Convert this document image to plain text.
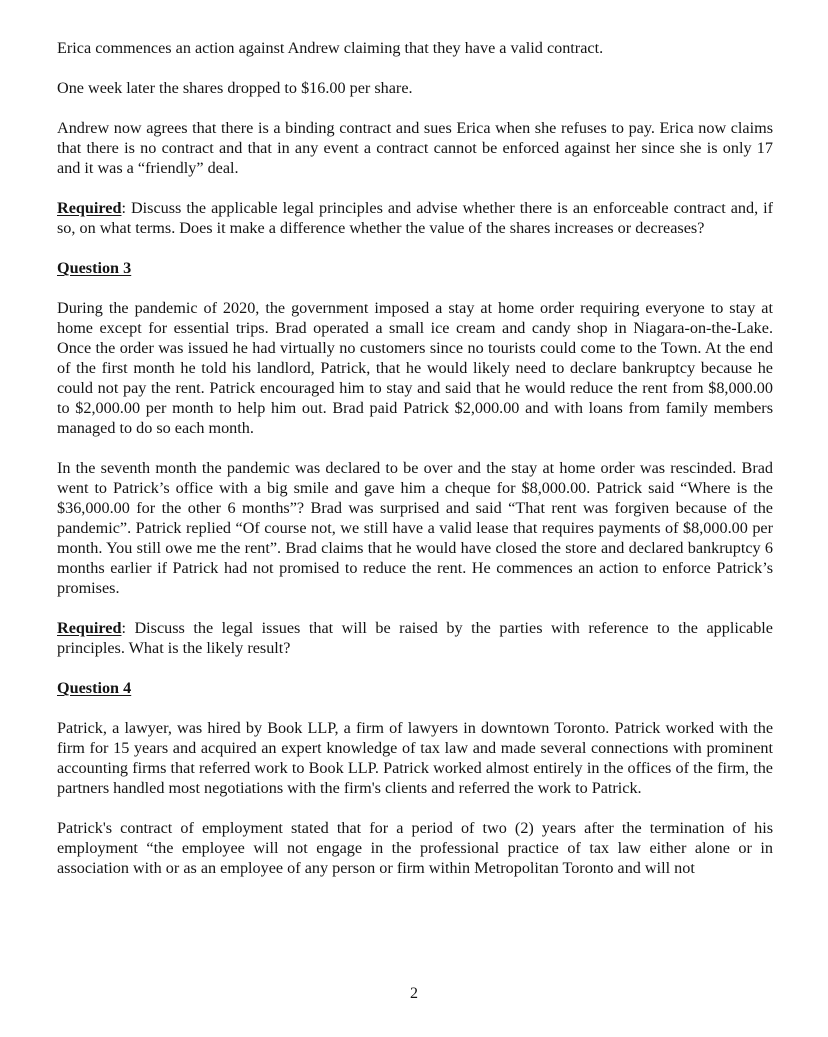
Erica commences an action against Andrew claiming that they have a valid contract.

One week later the shares dropped to $16.00 per share.

Andrew now agrees that there is a binding contract and sues Erica when she refuses to pay. Erica now claims that there is no contract and that in any event a contract cannot be enforced against her since she is only 17 and it was a “friendly” deal.

Required: Discuss the applicable legal principles and advise whether there is an enforceable contract and, if so, on what terms. Does it make a difference whether the value of the shares increases or decreases?

Question 3

During the pandemic of 2020, the government imposed a stay at home order requiring everyone to stay at home except for essential trips. Brad operated a small ice cream and candy shop in Niagara-on-the-Lake. Once the order was issued he had virtually no customers since no tourists could come to the Town. At the end of the first month he told his landlord, Patrick, that he would likely need to declare bankruptcy because he could not pay the rent. Patrick encouraged him to stay and said that he would reduce the rent from $8,000.00 to $2,000.00 per month to help him out. Brad paid Patrick $2,000.00 and with loans from family members managed to do so each month.

In the seventh month the pandemic was declared to be over and the stay at home order was rescinded. Brad went to Patrick’s office with a big smile and gave him a cheque for $8,000.00. Patrick said “Where is the $36,000.00 for the other 6 months”? Brad was surprised and said “That rent was forgiven because of the pandemic”. Patrick replied “Of course not, we still have a valid lease that requires payments of $8,000.00 per month. You still owe me the rent”. Brad claims that he would have closed the store and declared bankruptcy 6 months earlier if Patrick had not promised to reduce the rent. He commences an action to enforce Patrick’s promises.

Required: Discuss the legal issues that will be raised by the parties with reference to the applicable principles. What is the likely result?

Question 4

Patrick, a lawyer, was hired by Book LLP, a firm of lawyers in downtown Toronto. Patrick worked with the firm for 15 years and acquired an expert knowledge of tax law and made several connections with prominent accounting firms that referred work to Book LLP. Patrick worked almost entirely in the offices of the firm, the partners handled most negotiations with the firm's clients and referred the work to Patrick.

Patrick's contract of employment stated that for a period of two (2) years after the termination of his employment “the employee will not engage in the professional practice of tax law either alone or in association with or as an employee of any person or firm within Metropolitan Toronto and will not

2
